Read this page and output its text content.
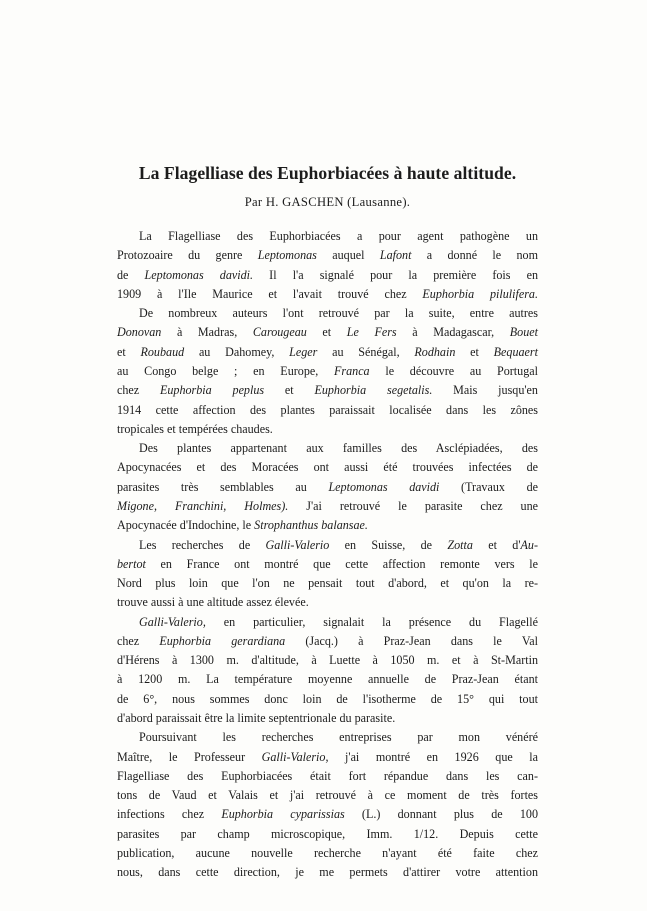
La Flagelliase des Euphorbiacées à haute altitude.
Par H. GASCHEN (Lausanne).
La Flagelliase des Euphorbiacées a pour agent pathogène un
Protozoaire du genre Leptomonas auquel Lafont a donné le nom
de Leptomonas davidi. Il l'a signalé pour la première fois en
1909 à l'Ile Maurice et l'avait trouvé chez Euphorbia pilulifera.
De nombreux auteurs l'ont retrouvé par la suite, entre autres
Donovan à Madras, Carougeau et Le Fers à Madagascar, Bouet
et Roubaud au Dahomey, Leger au Sénégal, Rodhain et Bequaert
au Congo belge ; en Europe, Franca le découvre au Portugal
chez Euphorbia peplus et Euphorbia segetalis. Mais jusqu'en
1914 cette affection des plantes paraissait localisée dans les zônes
tropicales et tempérées chaudes.
Des plantes appartenant aux familles des Asclépiadées, des
Apocynacées et des Moracées ont aussi été trouvées infectées de
parasites très semblables au Leptomonas davidi (Travaux de
Migone, Franchini, Holmes). J'ai retrouvé le parasite chez une
Apocynacée d'Indochine, le Strophanthus balansae.
Les recherches de Galli-Valerio en Suisse, de Zotta et d'Au-
bertot en France ont montré que cette affection remonte vers le
Nord plus loin que l'on ne pensait tout d'abord, et qu'on la re-
trouve aussi à une altitude assez élevée.
Galli-Valerio, en particulier, signalait la présence du Flagellé
chez Euphorbia gerardiana (Jacq.) à Praz-Jean dans le Val
d'Hérens à 1300 m. d'altitude, à Luette à 1050 m. et à St-Martin
à 1200 m. La température moyenne annuelle de Praz-Jean étant
de 6°, nous sommes donc loin de l'isotherme de 15° qui tout
d'abord paraissait être la limite septentrionale du parasite.
Poursuivant les recherches entreprises par mon vénéré
Maître, le Professeur Galli-Valerio, j'ai montré en 1926 que la
Flagelliase des Euphorbiacées était fort répandue dans les can-
tons de Vaud et Valais et j'ai retrouvé à ce moment de très fortes
infections chez Euphorbia cyparissias (L.) donnant plus de 100
parasites par champ microscopique, Imm. 1/12. Depuis cette
publication, aucune nouvelle recherche n'ayant été faite chez
nous, dans cette direction, je me permets d'attirer votre attention
